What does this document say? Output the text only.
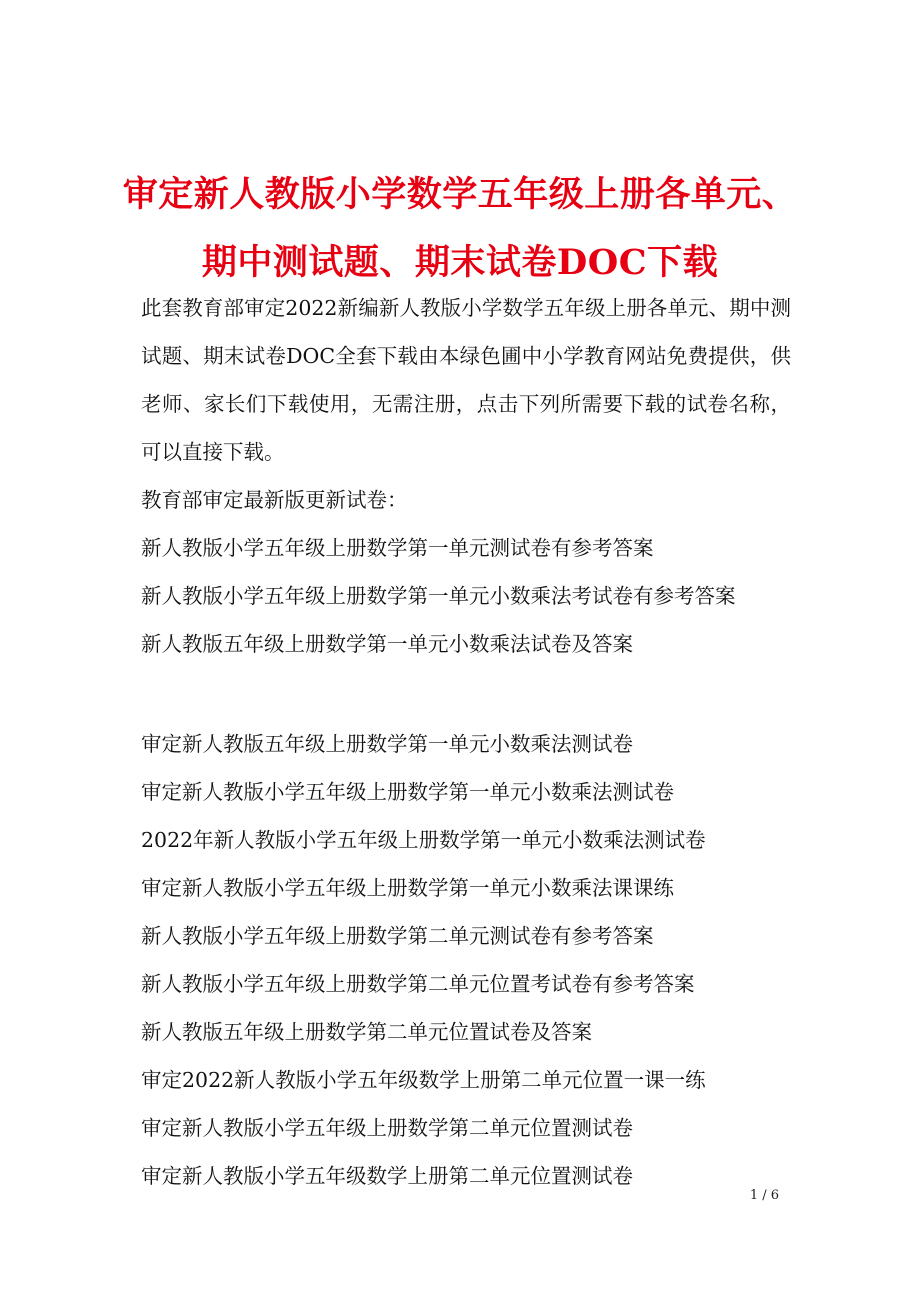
审定新人教版小学数学五年级上册各单元、
期中测试题、期末试卷DOC下载

此套教育部审定2022新编新人教版小学数学五年级上册各单元、期中测试题、期末试卷DOC全套下载由本绿色圃中小学教育网站免费提供，供老师、家长们下载使用，无需注册，点击下列所需要下载的试卷名称，可以直接下载。

教育部审定最新版更新试卷：

新人教版小学五年级上册数学第一单元测试卷有参考答案
新人教版小学五年级上册数学第一单元小数乘法考试卷有参考答案
新人教版五年级上册数学第一单元小数乘法试卷及答案
审定新人教版五年级上册数学第一单元小数乘法测试卷
审定新人教版小学五年级上册数学第一单元小数乘法测试卷
2022年新人教版小学五年级上册数学第一单元小数乘法测试卷
审定新人教版小学五年级上册数学第一单元小数乘法课课练
新人教版小学五年级上册数学第二单元测试卷有参考答案
新人教版小学五年级上册数学第二单元位置考试卷有参考答案
新人教版五年级上册数学第二单元位置试卷及答案
审定2022新人教版小学五年级数学上册第二单元位置一课一练
审定新人教版小学五年级上册数学第二单元位置测试卷
审定新人教版小学五年级数学上册第二单元位置测试卷
1 / 6
